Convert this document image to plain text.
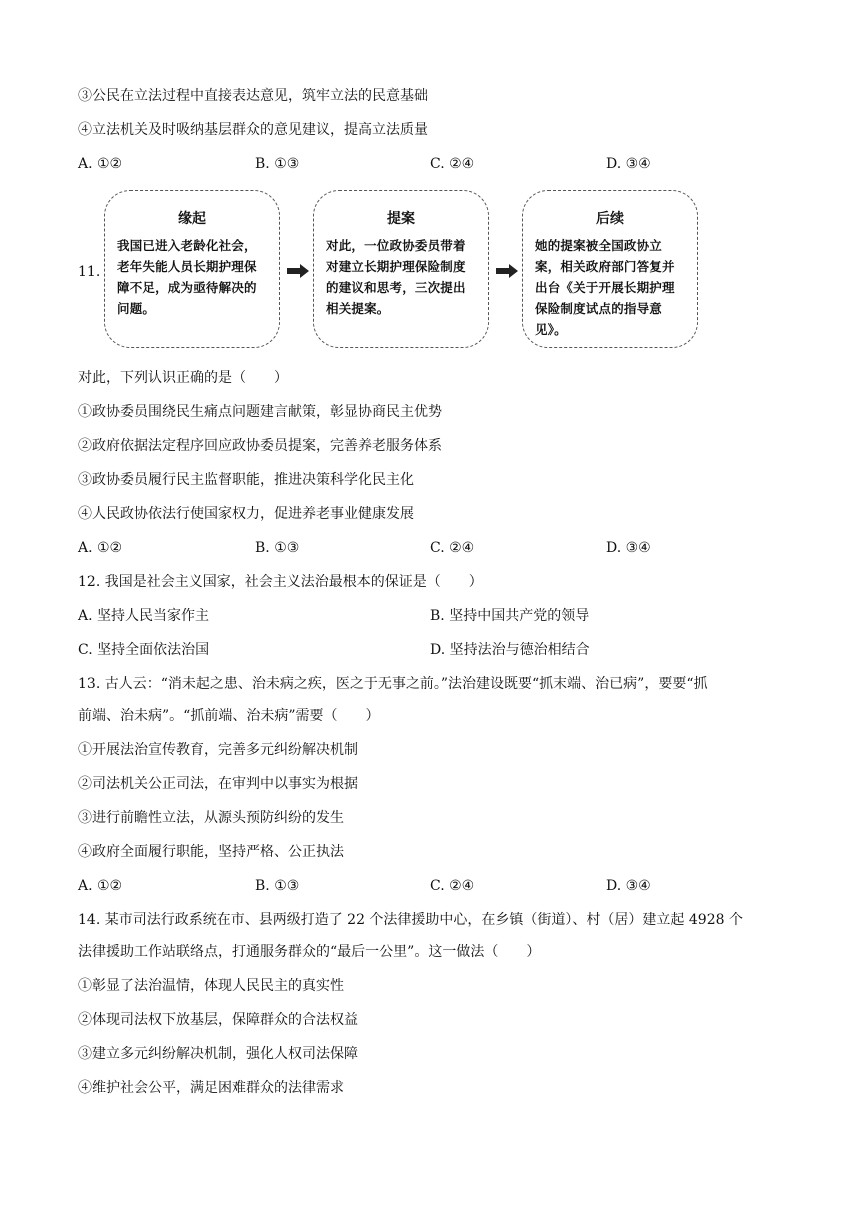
③公民在立法过程中直接表达意见，筑牢立法的民意基础
④立法机关及时吸纳基层群众的意见建议，提高立法质量
A. ①②	B. ①③	C. ②④	D. ③④
11.
缘起
我国已进入老龄化社会，老年失能人员长期护理保障不足，成为亟待解决的问题。
提案
对此，一位政协委员带着对建立长期护理保险制度的建议和思考，三次提出相关提案。
后续
她的提案被全国政协立案，相关政府部门答复并出台《关于开展长期护理保险制度试点的指导意见》。
对此，下列认识正确的是（　　）
①政协委员围绕民生痛点问题建言献策，彰显协商民主优势
②政府依据法定程序回应政协委员提案，完善养老服务体系
③政协委员履行民主监督职能，推进决策科学化民主化
④人民政协依法行使国家权力，促进养老事业健康发展
A. ①②	B. ①③	C. ②④	D. ③④
12. 我国是社会主义国家，社会主义法治最根本的保证是（　　）
A. 坚持人民当家作主	B. 坚持中国共产党的领导
C. 坚持全面依法治国	D. 坚持法治与德治相结合
13. 古人云：“消未起之患、治未病之疾，医之于无事之前。”法治建设既要“抓末端、治已病”，要要“抓
前端、治未病”。“抓前端、治未病”需要（　　）
①开展法治宣传教育，完善多元纠纷解决机制
②司法机关公正司法，在审判中以事实为根据
③进行前瞻性立法，从源头预防纠纷的发生
④政府全面履行职能，坚持严格、公正执法
A. ①②	B. ①③	C. ②④	D. ③④
14. 某市司法行政系统在市、县两级打造了 22 个法律援助中心，在乡镇（街道）、村（居）建立起 4928 个
法律援助工作站联络点，打通服务群众的“最后一公里”。这一做法（　　）
①彰显了法治温情，体现人民民主的真实性
②体现司法权下放基层，保障群众的合法权益
③建立多元纠纷解决机制，强化人权司法保障
④维护社会公平，满足困难群众的法律需求
